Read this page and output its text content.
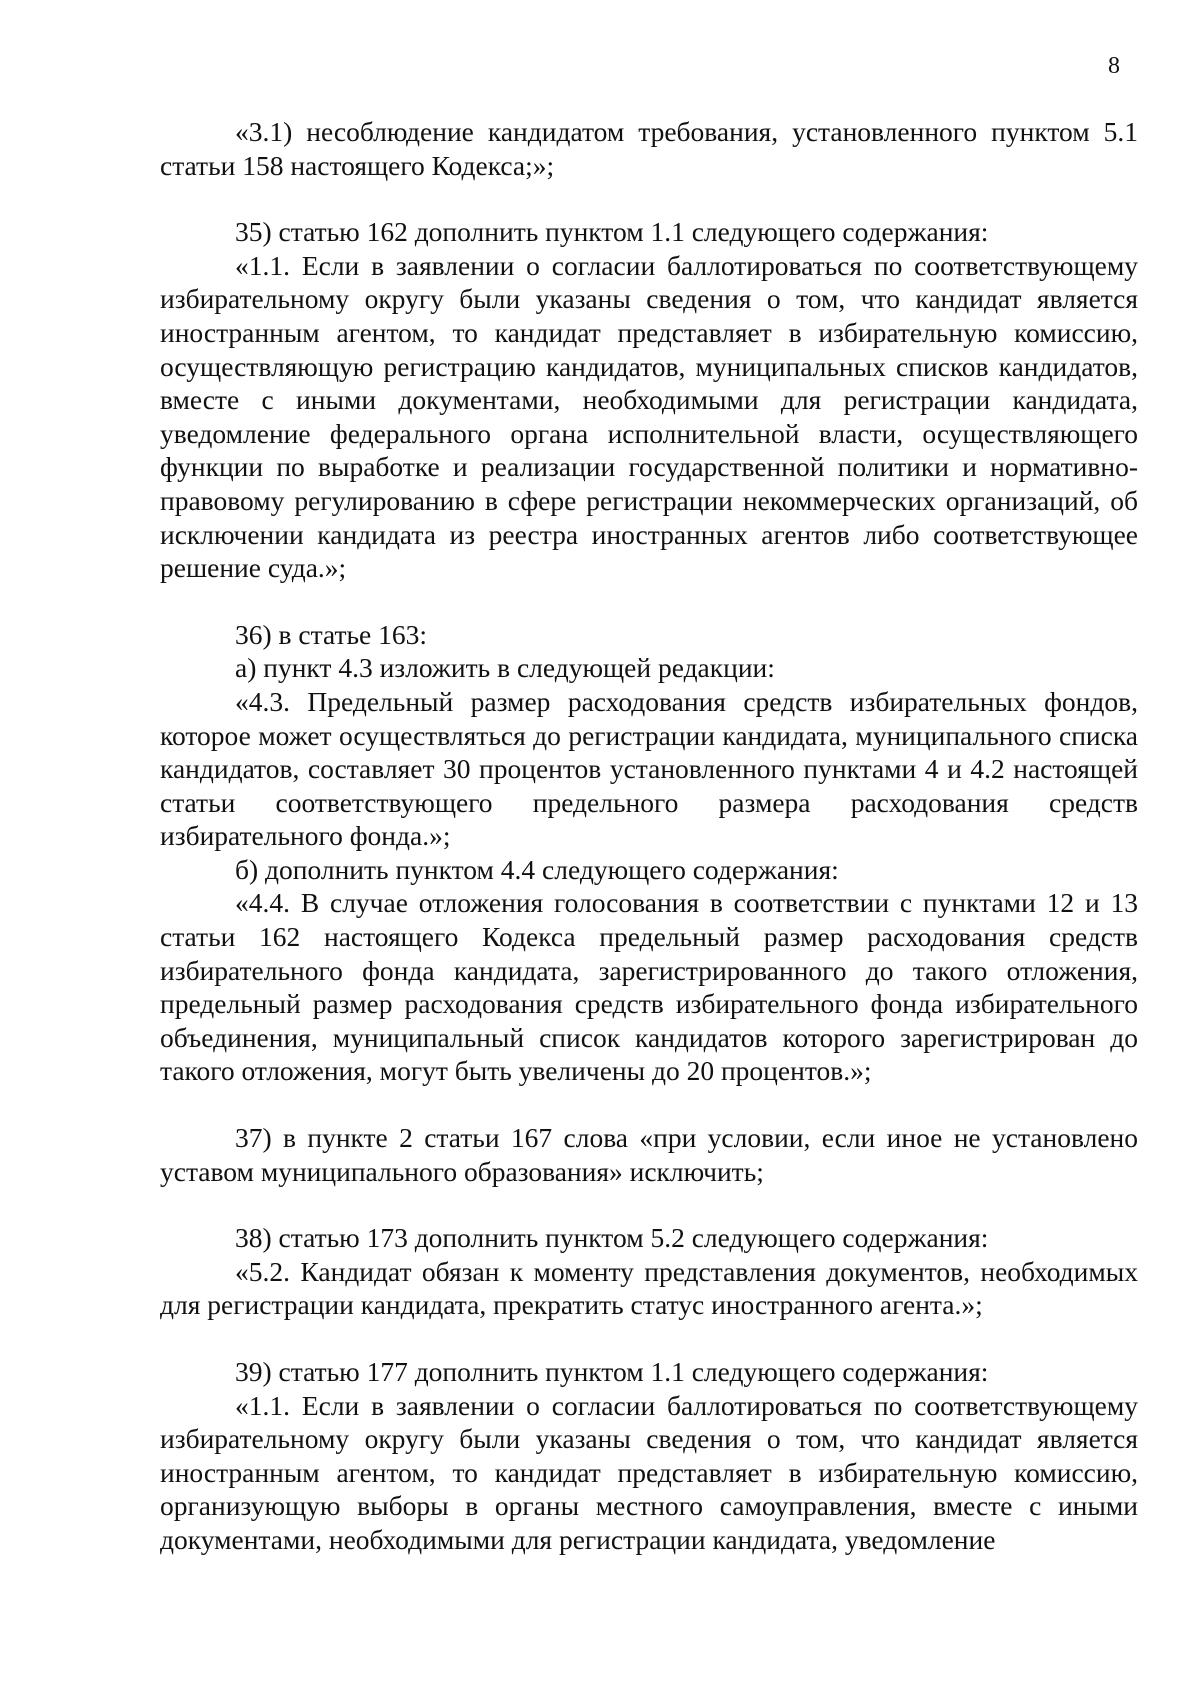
8

«3.1) несоблюдение кандидатом требования, установленного пунктом 5.1 статьи 158 настоящего Кодекса;»;

35) статью 162 дополнить пунктом 1.1 следующего содержания:

«1.1. Если в заявлении о согласии баллотироваться по соответствующему избирательному округу были указаны сведения о том, что кандидат является иностранным агентом, то кандидат представляет в избирательную комиссию, осуществляющую регистрацию кандидатов, муниципальных списков кандидатов, вместе с иными документами, необходимыми для регистрации кандидата, уведомление федерального органа исполнительной власти, осуществляющего функции по выработке и реализации государственной политики и нормативно-правовому регулированию в сфере регистрации некоммерческих организаций, об исключении кандидата из реестра иностранных агентов либо соответствующее решение суда.»;

36) в статье 163:

а) пункт 4.3 изложить в следующей редакции:

«4.3. Предельный размер расходования средств избирательных фондов, которое может осуществляться до регистрации кандидата, муниципального списка кандидатов, составляет 30 процентов установленного пунктами 4 и 4.2 настоящей статьи соответствующего предельного размера расходования средств избирательного фонда.»;

б) дополнить пунктом 4.4 следующего содержания:

«4.4. В случае отложения голосования в соответствии с пунктами 12 и 13 статьи 162 настоящего Кодекса предельный размер расходования средств избирательного фонда кандидата, зарегистрированного до такого отложения, предельный размер расходования средств избирательного фонда избирательного объединения, муниципальный список кандидатов которого зарегистрирован до такого отложения, могут быть увеличены до 20 процентов.»;

37) в пункте 2 статьи 167 слова «при условии, если иное не установлено уставом муниципального образования» исключить;

38) статью 173 дополнить пунктом 5.2 следующего содержания:

«5.2. Кандидат обязан к моменту представления документов, необходимых для регистрации кандидата, прекратить статус иностранного агента.»;

39) статью 177 дополнить пунктом 1.1 следующего содержания:

«1.1. Если в заявлении о согласии баллотироваться по соответствующему избирательному округу были указаны сведения о том, что кандидат является иностранным агентом, то кандидат представляет в избирательную комиссию, организующую выборы в органы местного самоуправления, вместе с иными документами, необходимыми для регистрации кандидата, уведомление
